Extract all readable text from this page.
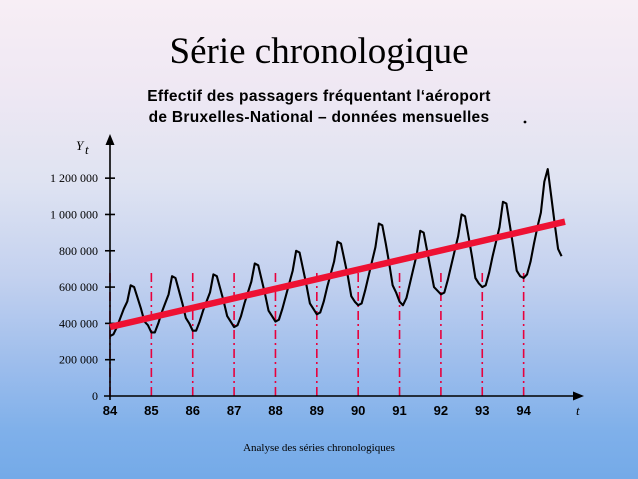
Série chronologique
Effectif des passagers fréquentant l‘aéroport
de Bruxelles-National – données mensuelles
0
200 000
400 000
600 000
800 000
1 000 000
1 200 000
84 85 86 87 88 89 90 91 92 93 94
Y t
t
Analyse des séries chronologiques
